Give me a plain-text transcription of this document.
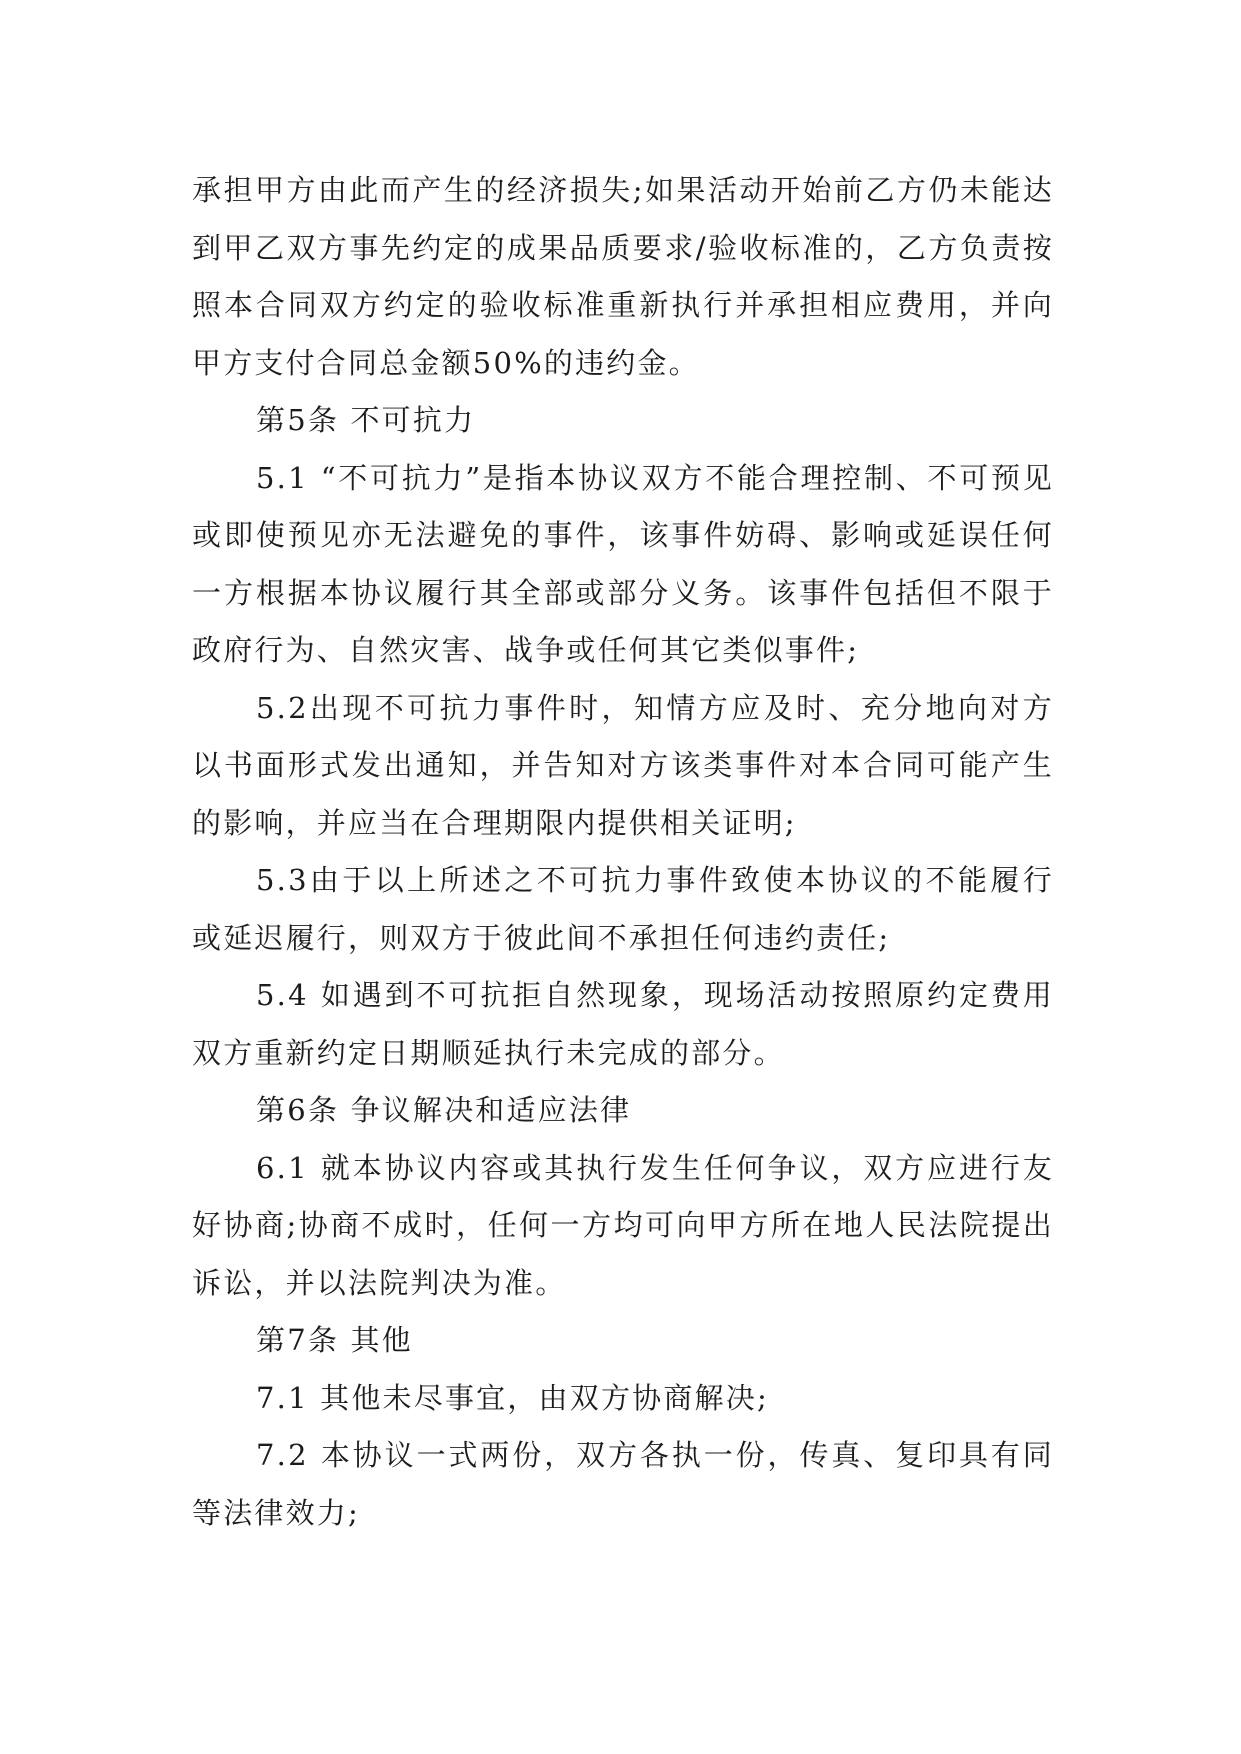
承担甲方由此而产生的经济损失;如果活动开始前乙方仍未能达到甲乙双方事先约定的成果品质要求/验收标准的，乙方负责按照本合同双方约定的验收标准重新执行并承担相应费用，并向甲方支付合同总金额50%的违约金。

第5条 不可抗力

5.1 “不可抗力”是指本协议双方不能合理控制、不可预见或即使预见亦无法避免的事件，该事件妨碍、影响或延误任何一方根据本协议履行其全部或部分义务。该事件包括但不限于政府行为、自然灾害、战争或任何其它类似事件;

5.2出现不可抗力事件时，知情方应及时、充分地向对方以书面形式发出通知，并告知对方该类事件对本合同可能产生的影响，并应当在合理期限内提供相关证明;

5.3由于以上所述之不可抗力事件致使本协议的不能履行或延迟履行，则双方于彼此间不承担任何违约责任;

5.4 如遇到不可抗拒自然现象，现场活动按照原约定费用双方重新约定日期顺延执行未完成的部分。

第6条 争议解决和适应法律

6.1 就本协议内容或其执行发生任何争议，双方应进行友好协商;协商不成时，任何一方均可向甲方所在地人民法院提出诉讼，并以法院判决为准。

第7条 其他

7.1 其他未尽事宜，由双方协商解决;

7.2 本协议一式两份，双方各执一份，传真、复印具有同等法律效力;
